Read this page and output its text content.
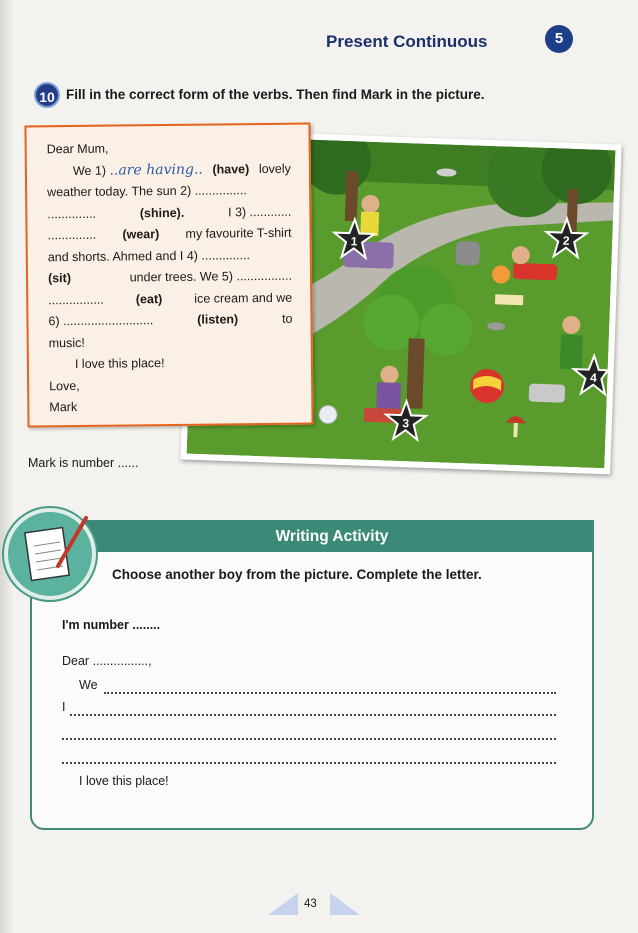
Present Continuous	5
10 Fill in the correct form of the verbs. Then find Mark in the picture.
1	2
3
4
Dear Mum,
We 1) ..are having.. (have) lovely
weather today. The sun 2) ...............
..............	(shine).	I 3) ............
.............. (wear) my favourite T-shirt
and shorts. Ahmed and I 4) ..............
(sit)	under trees. We 5) ................
................	(eat)	ice cream and we
6) ..........................	(listen)	to
music!
I love this place!
Love,
Mark
Mark is number ......
Writing Activity
Choose another boy from the picture. Complete the letter.
I'm number ........
Dear ................,
We
I
I love this place!
43
